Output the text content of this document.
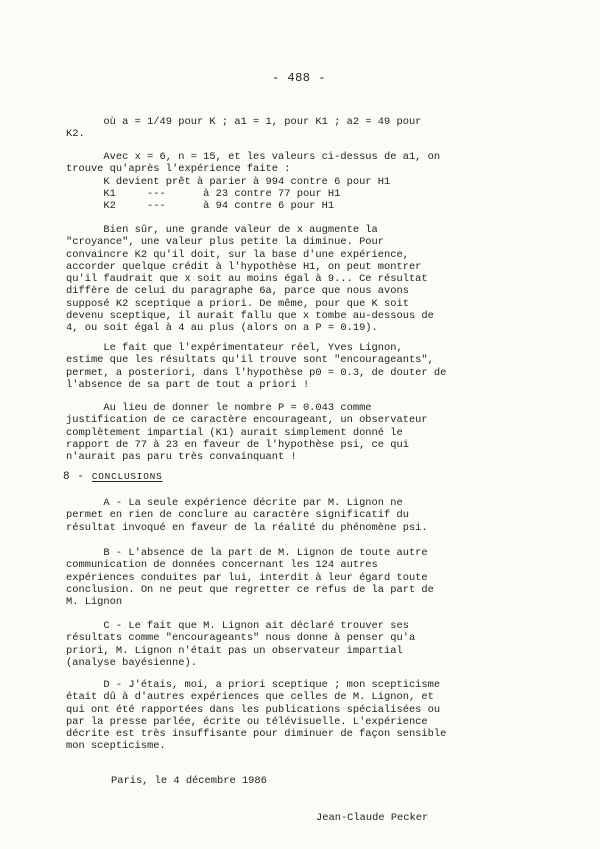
- 488 -

où a = 1/49 pour K ; a1 = 1, pour K1 ; a2 = 49 pour

K2.

Avec x = 6, n = 15, et les valeurs ci-dessus de a1, on

trouve qu'après l'expérience faite :

K devient prêt à parier à 994 contre 6 pour H1

K1     ---      à 23 contre 77 pour H1

K2     ---      à 94 contre 6 pour H1

Bien sûr, une grande valeur de x augmente la

"croyance", une valeur plus petite la diminue. Pour

convaincre K2 qu'il doit, sur la base d'une expérience,

accorder quelque crédit à l'hypothèse H1, on peut montrer

qu'il faudrait que x soit au moins égal à 9... Ce résultat

diffère de celui du paragraphe 6a, parce que nous avons

supposé K2 sceptique a priori. De même, pour que K soit

devenu sceptique, il aurait fallu que x tombe au-dessous de

4, ou soit égal à 4 au plus (alors on a P = 0.19).

Le fait que l'expérimentateur réel, Yves Lignon,

estime que les résultats qu'il trouve sont "encourageants",

permet, a posteriori, dans l'hypothèse p0 = 0.3, de douter de

l'absence de sa part de tout a priori !

Au lieu de donner le nombre P = 0.043 comme

justification de ce caractère encourageant, un observateur

complètement impartial (K1) aurait simplement donné le

rapport de 77 à 23 en faveur de l'hypothèse psi, ce qui

n'aurait pas paru très convainquant !

8 - CONCLUSIONS

A - La seule expérience décrite par M. Lignon ne

permet en rien de conclure au caractère significatif du

résultat invoqué en faveur de la réalité du phénomène psi.

B - L'absence de la part de M. Lignon de toute autre

communication de données concernant les 124 autres

expériences conduites par lui, interdit à leur égard toute

conclusion. On ne peut que regretter ce refus de la part de

M. Lignon

C - Le fait que M. Lignon ait déclaré trouver ses

résultats comme "encourageants" nous donne à penser qu'a

priori, M. Lignon n'était pas un observateur impartial

(analyse bayésienne).

D - J'étais, moi, a priori sceptique ; mon scepticisme

était dû à d'autres expériences que celles de M. Lignon, et

qui ont été rapportées dans les publications spécialisées ou

par la presse parlée, écrite ou télévisuelle. L'expérience

décrite est très insuffisante pour diminuer de façon sensible

mon scepticisme.

Paris, le 4 décembre 1986
Jean-Claude Pecker
